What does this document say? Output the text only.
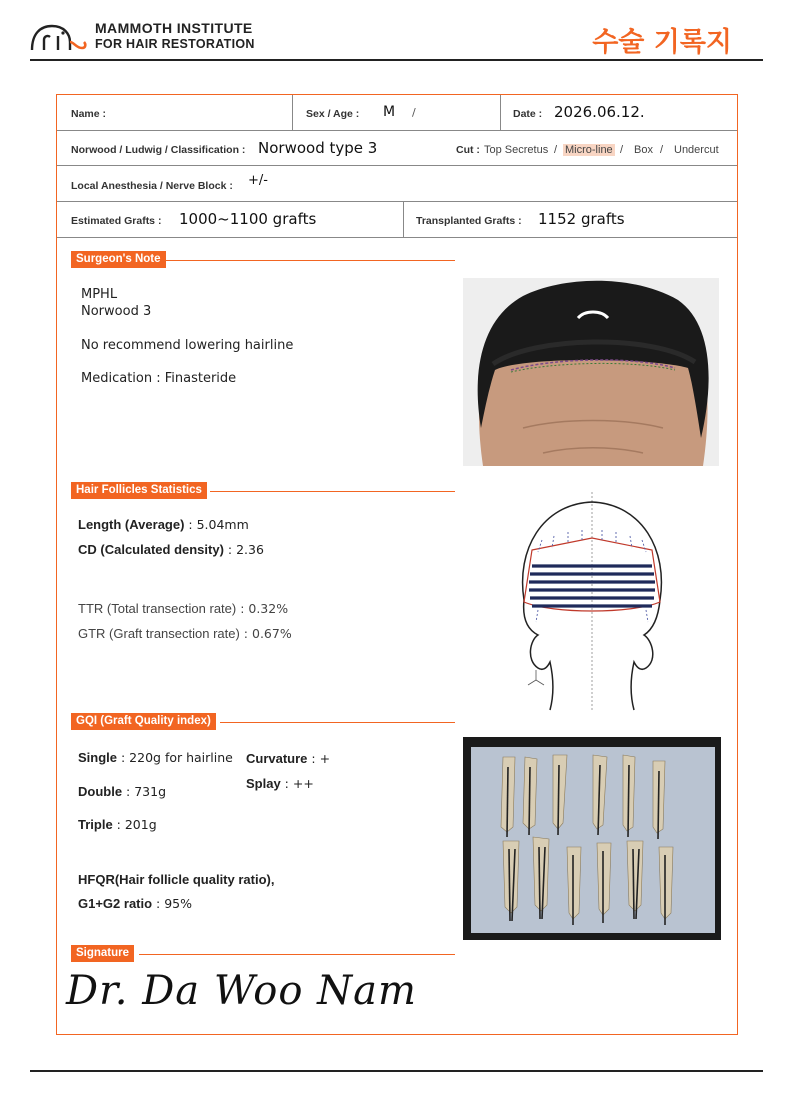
MAMMOTH INSTITUTE
FOR HAIR RESTORATION	수술 기록지
Name :	Sex / Age : M /	Date : 2026.06.12.
Norwood / Ludwig / Classification : Norwood type 3	Cut : Top Secretus / Micro-line / Box / Undercut
Local Anesthesia / Nerve Block : +/-
Estimated Grafts : 1000~1100 grafts	Transplanted Grafts : 1152 grafts
Surgeon's Note
MPHL
Norwood 3
No recommend lowering hairline
Medication : Finasteride
Hair Follicles Statistics
Length (Average) : 5.04mm
CD (Calculated density) : 2.36
TTR (Total transection rate) : 0.32%
GTR (Graft transection rate) : 0.67%
GQI (Graft Quality index)
Single : 220g for hairline
Double : 731g
Triple : 201g
Curvature : +
Splay : ++
HFQR(Hair follicle quality ratio),
G1+G2 ratio : 95%
Signature
Dr. Da Woo Nam
